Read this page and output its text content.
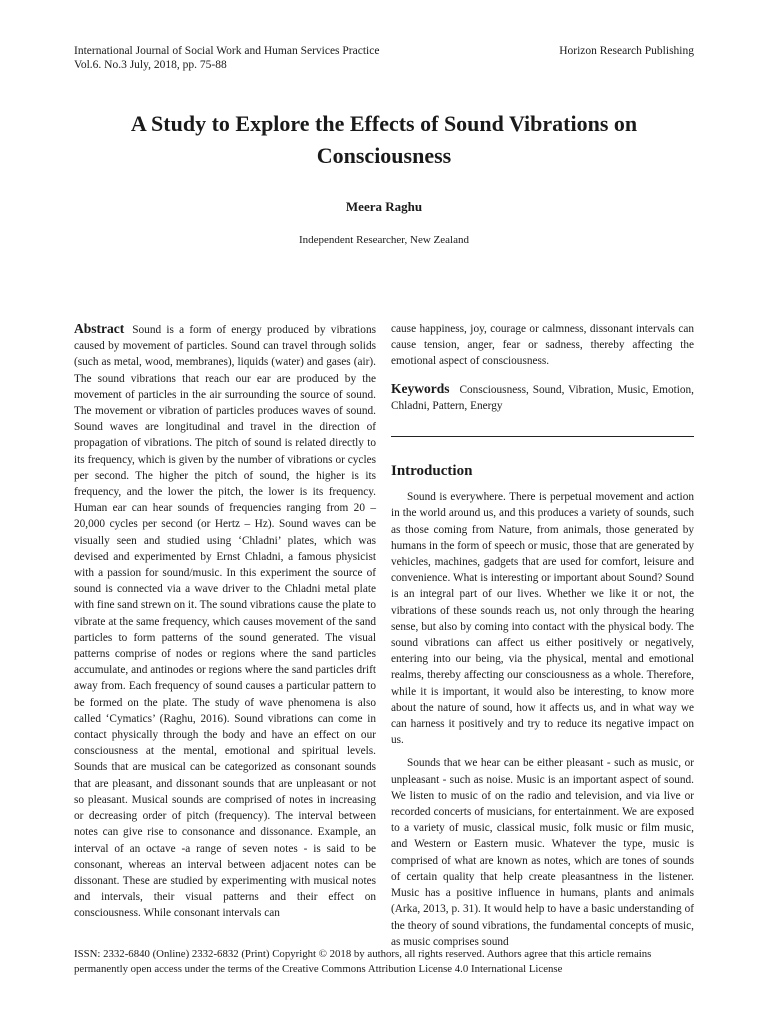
International Journal of Social Work and Human Services Practice
Vol.6. No.3 July, 2018, pp. 75-88
Horizon Research Publishing
A Study to Explore the Effects of Sound Vibrations on Consciousness
Meera Raghu
Independent Researcher, New Zealand

Abstract Sound is a form of energy produced by vibrations caused by movement of particles. Sound can travel through solids (such as metal, wood, membranes), liquids (water) and gases (air). The sound vibrations that reach our ear are produced by the movement of particles in the air surrounding the source of sound. The movement or vibration of particles produces waves of sound. Sound waves are longitudinal and travel in the direction of propagation of vibrations. The pitch of sound is related directly to its frequency, which is given by the number of vibrations or cycles per second. The higher the pitch of sound, the higher is its frequency, and the lower the pitch, the lower is its frequency. Human ear can hear sounds of frequencies ranging from 20 – 20,000 cycles per second (or Hertz – Hz). Sound waves can be visually seen and studied using ‘Chladni’ plates, which was devised and experimented by Ernst Chladni, a famous physicist with a passion for sound/music. In this experiment the source of sound is connected via a wave driver to the Chladni metal plate with fine sand strewn on it. The sound vibrations cause the plate to vibrate at the same frequency, which causes movement of the sand particles to form patterns of the sound generated. The visual patterns comprise of nodes or regions where the sand particles accumulate, and antinodes or regions where the sand particles drift away from. Each frequency of sound causes a particular pattern to be formed on the plate. The study of wave phenomena is also called ‘Cymatics’ (Raghu, 2016). Sound vibrations can come in contact physically through the body and have an effect on our consciousness at the mental, emotional and spiritual levels. Sounds that are musical can be categorized as consonant sounds that are pleasant, and dissonant sounds that are unpleasant or not so pleasant. Musical sounds are comprised of notes in increasing or decreasing order of pitch (frequency). The interval between notes can give rise to consonance and dissonance. Example, an interval of an octave -a range of seven notes - is said to be consonant, whereas an interval between adjacent notes can be dissonant. These are studied by experimenting with musical notes and intervals, their visual patterns and their effect on consciousness. While consonant intervals can

cause happiness, joy, courage or calmness, dissonant intervals can cause tension, anger, fear or sadness, thereby affecting the emotional aspect of consciousness.

Keywords Consciousness, Sound, Vibration, Music, Emotion, Chladni, Pattern, Energy

Introduction

Sound is everywhere. There is perpetual movement and action in the world around us, and this produces a variety of sounds, such as those coming from Nature, from animals, those generated by humans in the form of speech or music, those that are generated by vehicles, machines, gadgets that are used for comfort, leisure and convenience. What is interesting or important about Sound? Sound is an integral part of our lives. Whether we like it or not, the vibrations of these sounds reach us, not only through the hearing sense, but also by coming into contact with the physical body. The sound vibrations can affect us either positively or negatively, entering into our being, via the physical, mental and emotional realms, thereby affecting our consciousness as a whole. Therefore, while it is important, it would also be interesting, to know more about the nature of sound, how it affects us, and in what way we can harness it positively and try to reduce its negative impact on us.

Sounds that we hear can be either pleasant - such as music, or unpleasant - such as noise. Music is an important aspect of sound. We listen to music of on the radio and television, and via live or recorded concerts of musicians, for entertainment. We are exposed to a variety of music, classical music, folk music or film music, and Western or Eastern music. Whatever the type, music is comprised of what are known as notes, which are tones of sounds of certain quality that help create pleasantness in the listener. Music has a positive influence in humans, plants and animals (Arka, 2013, p. 31). It would help to have a basic understanding of the theory of sound vibrations, the fundamental concepts of music, as music comprises sound

ISSN: 2332-6840 (Online) 2332-6832 (Print) Copyright © 2018 by authors, all rights reserved. Authors agree that this article remains
permanently open access under the terms of the Creative Commons Attribution License 4.0 International License
